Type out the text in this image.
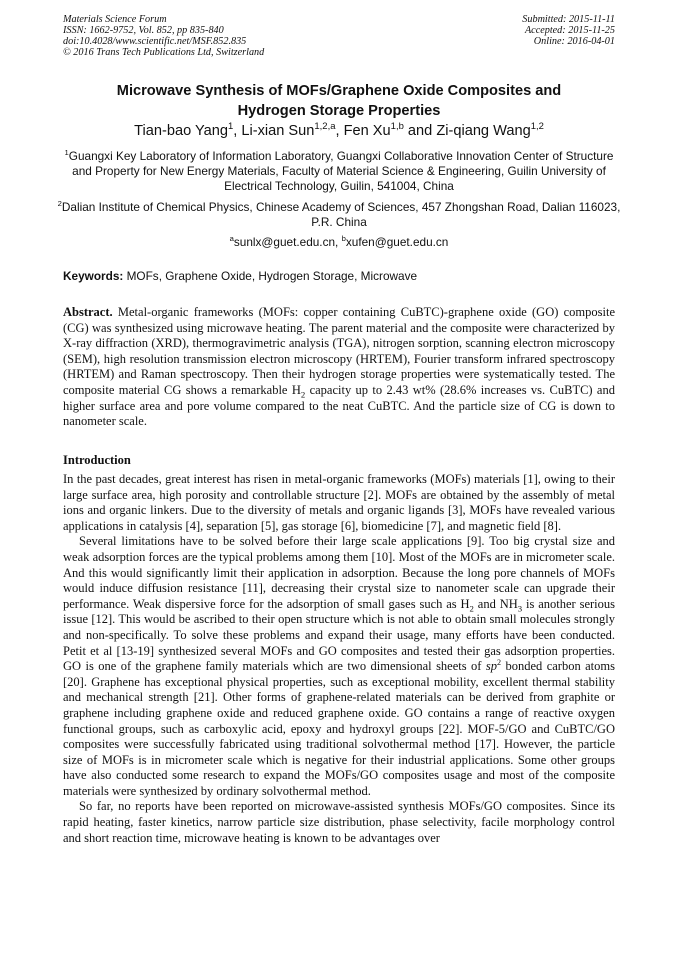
Materials Science Forum
ISSN: 1662-9752, Vol. 852, pp 835-840
doi:10.4028/www.scientific.net/MSF.852.835
© 2016 Trans Tech Publications Ltd, Switzerland
Submitted: 2015-11-11
Accepted: 2015-11-25
Online: 2016-04-01
Microwave Synthesis of MOFs/Graphene Oxide Composites and
Hydrogen Storage Properties
Tian-bao Yang$^1$, Li-xian Sun$^{1,2,a}$, Fen Xu$^{1,b}$ and Zi-qiang Wang$^{1,2}$
$^1$Guangxi Key Laboratory of Information Laboratory, Guangxi Collaborative Innovation Center of Structure and Property for New Energy Materials, Faculty of Material Science & Engineering, Guilin University of Electrical Technology, Guilin, 541004, China
$^2$Dalian Institute of Chemical Physics, Chinese Academy of Sciences, 457 Zhongshan Road, Dalian 116023, P.R. China
$^a$sunlx@guet.edu.cn, $^b$xufen@guet.edu.cn
Keywords: MOFs, Graphene Oxide, Hydrogen Storage, Microwave
Abstract. Metal-organic frameworks (MOFs: copper containing CuBTC)-graphene oxide (GO) composite (CG) was synthesized using microwave heating. The parent material and the composite were characterized by X-ray diffraction (XRD), thermogravimetric analysis (TGA), nitrogen sorption, scanning electron microscopy (SEM), high resolution transmission electron microscopy (HRTEM), Fourier transform infrared spectroscopy (HRTEM) and Raman spectroscopy. Then their hydrogen storage properties were systematically tested. The composite material CG shows a remarkable $H_2$ capacity up to 2.43 wt% (28.6% increases vs. CuBTC) and higher surface area and pore volume compared to the neat CuBTC. And the particle size of CG is down to nanometer scale.
Introduction

In the past decades, great interest has risen in metal-organic frameworks (MOFs) materials [1], owing to their large surface area, high porosity and controllable structure [2]. MOFs are obtained by the assembly of metal ions and organic linkers. Due to the diversity of metals and organic ligands [3], MOFs have revealed various applications in catalysis [4], separation [5], gas storage [6], biomedicine [7], and magnetic field [8].

Several limitations have to be solved before their large scale applications [9]. Too big crystal size and weak adsorption forces are the typical problems among them [10]. Most of the MOFs are in micrometer scale. And this would significantly limit their application in adsorption. Because the long pore channels of MOFs would induce diffusion resistance [11], decreasing their crystal size to nanometer scale can upgrade their performance. Weak dispersive force for the adsorption of small gases such as $H_2$ and $NH_3$ is another serious issue [12]. This would be ascribed to their open structure which is not able to obtain small molecules strongly and non-specifically. To solve these problems and expand their usage, many efforts have been conducted. Petit et al [13-19] synthesized several MOFs and GO composites and tested their gas adsorption properties. GO is one of the graphene family materials which are two dimensional sheets of $sp^2$ bonded carbon atoms [20]. Graphene has exceptional physical properties, such as exceptional mobility, excellent thermal stability and mechanical strength [21]. Other forms of graphene-related materials can be derived from graphite or graphene including graphene oxide and reduced graphene oxide. GO contains a range of reactive oxygen functional groups, such as carboxylic acid, epoxy and hydroxyl groups [22]. MOF-5/GO and CuBTC/GO composites were successfully fabricated using traditional solvothermal method [17]. However, the particle size of MOFs is in micrometer scale which is negative for their industrial applications. Some other groups have also conducted some research to expand the MOFs/GO composites usage and most of the composite materials were synthesized by ordinary solvothermal method.

So far, no reports have been reported on microwave-assisted synthesis MOFs/GO composites. Since its rapid heating, faster kinetics, narrow particle size distribution, phase selectivity, facile morphology control and short reaction time, microwave heating is known to be advantages over
